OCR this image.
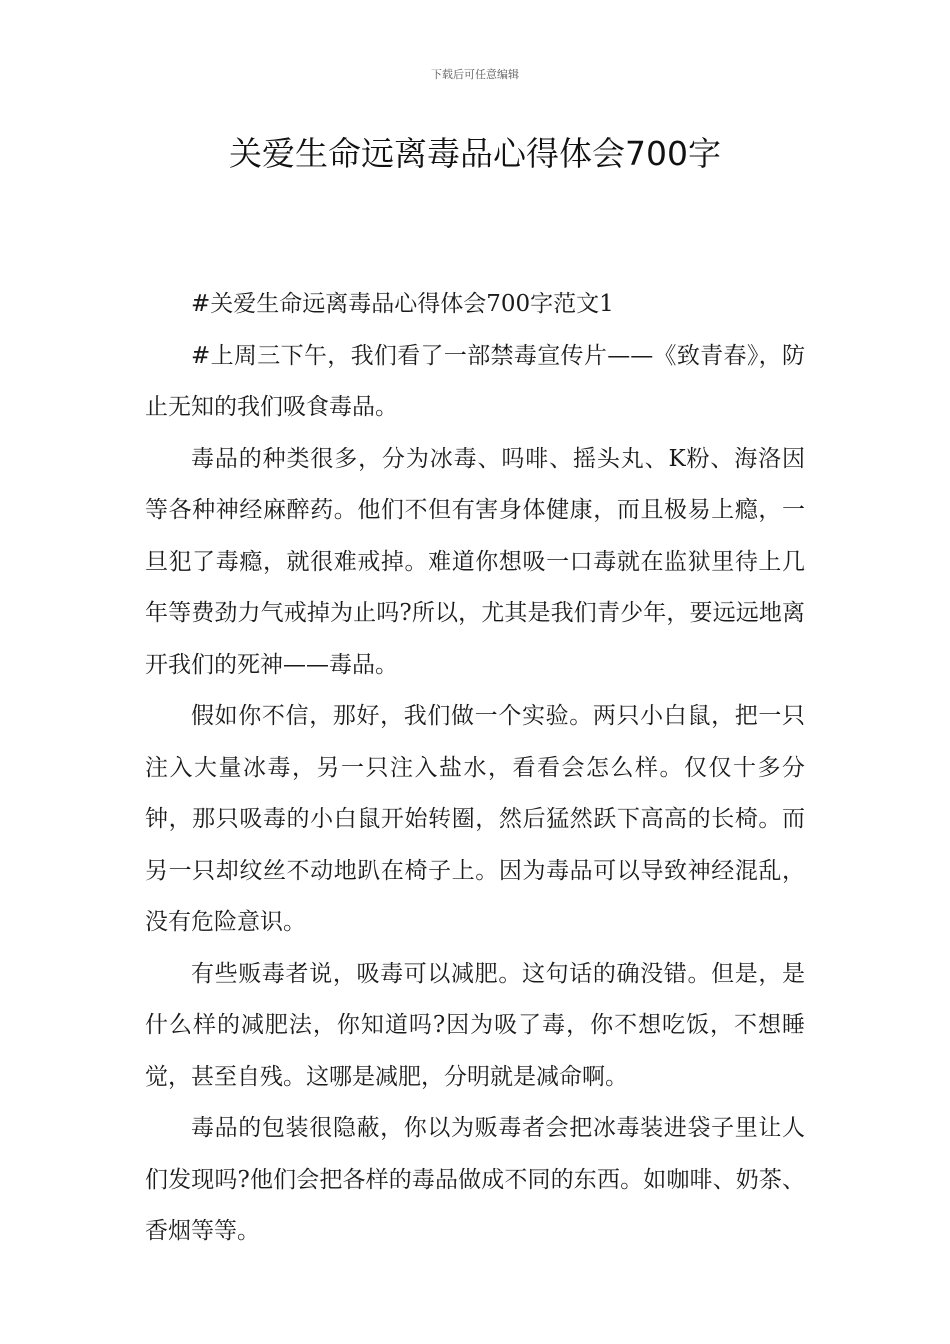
下载后可任意编辑
关爱生命远离毒品心得体会700字

#关爱生命远离毒品心得体会700字范文1

#上周三下午，我们看了一部禁毒宣传片——《致青春》，防止无知的我们吸食毒品。

毒品的种类很多，分为冰毒、吗啡、摇头丸、K粉、海洛因等各种神经麻醉药。他们不但有害身体健康，而且极易上瘾，一旦犯了毒瘾，就很难戒掉。难道你想吸一口毒就在监狱里待上几年等费劲力气戒掉为止吗?所以，尤其是我们青少年，要远远地离开我们的死神——毒品。

假如你不信，那好，我们做一个实验。两只小白鼠，把一只注入大量冰毒，另一只注入盐水，看看会怎么样。仅仅十多分钟，那只吸毒的小白鼠开始转圈，然后猛然跃下高高的长椅。而另一只却纹丝不动地趴在椅子上。因为毒品可以导致神经混乱，没有危险意识。

有些贩毒者说，吸毒可以减肥。这句话的确没错。但是，是什么样的减肥法，你知道吗?因为吸了毒，你不想吃饭，不想睡觉，甚至自残。这哪是减肥，分明就是减命啊。

毒品的包装很隐蔽，你以为贩毒者会把冰毒装进袋子里让人们发现吗?他们会把各样的毒品做成不同的东西。如咖啡、奶茶、香烟等等。
